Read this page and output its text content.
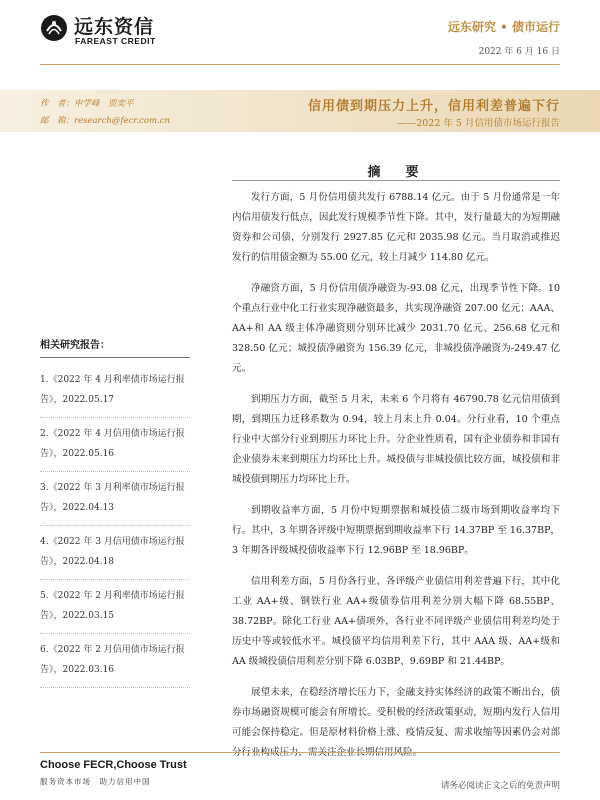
远东资信
FAREAST CREDIT
远东研究 • 债市运行
2022 年 6 月 16 日
作　者：申学峰　贾奕平
邮　箱：research@fecr.com.cn
信用债到期压力上升，信用利差普遍下行
——2022 年 5 月信用债市场运行报告
相关研究报告：
1.《2022 年 4 月利率债市场运行报告》，2022.05.17
2.《2022 年 4 月信用债市场运行报告》，2022.05.16
3.《2022 年 3 月利率债市场运行报告》，2022.04.13
4.《2022 年 3 月信用债市场运行报告》，2022.04.18
5.《2022 年 2 月利率债市场运行报告》，2022.03.15
6.《2022 年 2 月信用债市场运行报告》，2022.03.16
摘　要

发行方面，5 月份信用债共发行 6788.14 亿元。由于 5 月份通常是一年内信用债发行低点，因此发行规模季节性下降。其中，发行量最大的为短期融资券和公司债，分别发行 2927.85 亿元和 2035.98 亿元。当月取消或推迟发行的信用债金额为 55.00 亿元，较上月减少 114.80 亿元。

净融资方面，5 月份信用债净融资为-93.08 亿元，出现季节性下降。10 个重点行业中化工行业实现净融资最多，共实现净融资 207.00 亿元；AAA、AA+和 AA 级主体净融资则分别环比减少 2031.70 亿元、256.68 亿元和 328.50 亿元；城投债净融资为 156.39 亿元，非城投债净融资为-249.47 亿元。

到期压力方面，截至 5 月末，未来 6 个月将有 46790.78 亿元信用债到期，到期压力迁移系数为 0.94，较上月末上升 0.04。分行业看，10 个重点行业中大部分行业到期压力环比上升。分企业性质看，国有企业债券和非国有企业债券未来到期压力均环比上升。城投债与非城投债比较方面，城投债和非城投债到期压力均环比上升。

到期收益率方面，5 月份中短期票据和城投债二级市场到期收益率均下行。其中，3 年期各评级中短期票据到期收益率下行 14.37BP 至 16.37BP，3 年期各评级城投债收益率下行 12.96BP 至 18.96BP。

信用利差方面，5 月份各行业、各评级产业债信用利差普遍下行，其中化工业 AA+级、钢铁行业 AA+级债券信用利差分别大幅下降 68.55BP、38.72BP。除化工行业 AA+债项外，各行业不同评级产业债信用利差均处于历史中等或较低水平。城投债平均信用利差下行，其中 AAA 级、AA+级和 AA 级城投债信用利差分别下降 6.03BP、9.69BP 和 21.44BP。

展望未来，在稳经济增长压力下，金融支持实体经济的政策不断出台，债券市场融资规模可能会有所增长。受积极的经济政策驱动，短期内发行人信用可能会保持稳定。但是原材料价格上涨、疫情反复、需求收缩等因素仍会对部

Choose FECR,Choose Trust
服务资本市场　助力信用中国	请务必阅读正文之后的免责声明
